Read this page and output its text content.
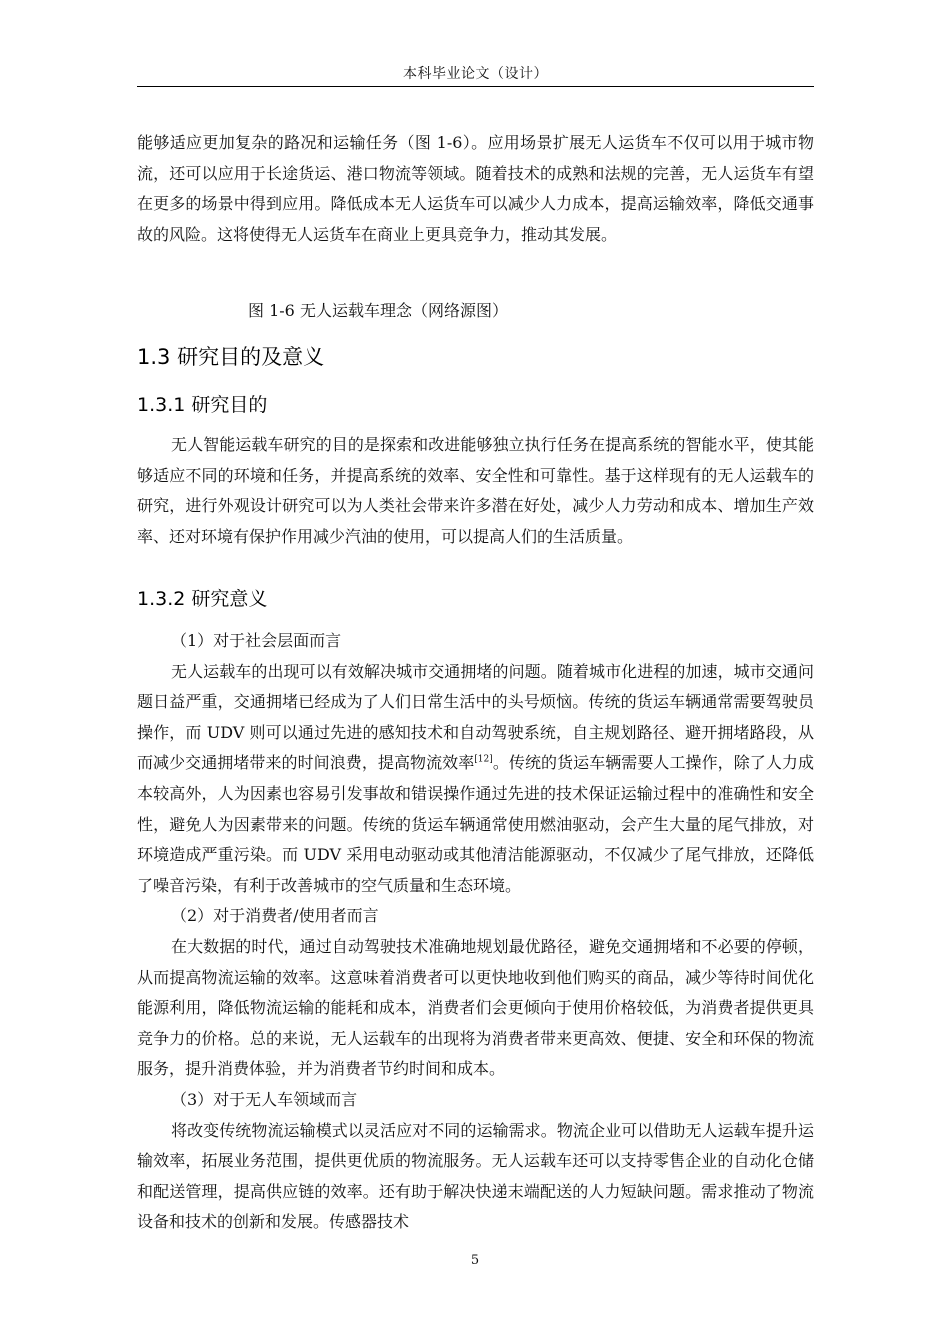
本科毕业论文（设计）

能够适应更加复杂的路况和运输任务（图 1-6）。应用场景扩展无人运货车不仅可以用于城市物流，还可以应用于长途货运、港口物流等领域。随着技术的成熟和法规的完善，无人运货车有望在更多的场景中得到应用。降低成本无人运货车可以减少人力成本，提高运输效率，降低交通事故的风险。这将使得无人运货车在商业上更具竞争力，推动其发展。

图 1-6 无人运载车理念（网络源图）

1.3 研究目的及意义
1.3.1 研究目的

无人智能运载车研究的目的是探索和改进能够独立执行任务在提高系统的智能水平，使其能够适应不同的环境和任务，并提高系统的效率、安全性和可靠性。基于这样现有的无人运载车的研究，进行外观设计研究可以为人类社会带来许多潜在好处，减少人力劳动和成本、增加生产效率、还对环境有保护作用减少汽油的使用，可以提高人们的生活质量。

1.3.2 研究意义

（1）对于社会层面而言

无人运载车的出现可以有效解决城市交通拥堵的问题。随着城市化进程的加速，城市交通问题日益严重，交通拥堵已经成为了人们日常生活中的头号烦恼。传统的货运车辆通常需要驾驶员操作，而 UDV 则可以通过先进的感知技术和自动驾驶系统，自主规划路径、避开拥堵路段，从而减少交通拥堵带来的时间浪费，提高物流效率[12]。传统的货运车辆需要人工操作，除了人力成本较高外，人为因素也容易引发事故和错误操作通过先进的技术保证运输过程中的准确性和安全性，避免人为因素带来的问题。传统的货运车辆通常使用燃油驱动，会产生大量的尾气排放，对环境造成严重污染。而 UDV 采用电动驱动或其他清洁能源驱动，不仅减少了尾气排放，还降低了噪音污染，有利于改善城市的空气质量和生态环境。

（2）对于消费者/使用者而言

在大数据的时代，通过自动驾驶技术准确地规划最优路径，避免交通拥堵和不必要的停顿，从而提高物流运输的效率。这意味着消费者可以更快地收到他们购买的商品，减少等待时间优化能源利用，降低物流运输的能耗和成本，消费者们会更倾向于使用价格较低，为消费者提供更具竞争力的价格。总的来说，无人运载车的出现将为消费者带来更高效、便捷、安全和环保的物流服务，提升消费体验，并为消费者节约时间和成本。

（3）对于无人车领域而言

将改变传统物流运输模式以灵活应对不同的运输需求。物流企业可以借助无人运载车提升运输效率，拓展业务范围，提供更优质的物流服务。无人运载车还可以支持零售企业的自动化仓储和配送管理，提高供应链的效率。还有助于解决快递末端配送的人力短缺问题。需求推动了物流设备和技术的创新和发展。传感器技术

5
